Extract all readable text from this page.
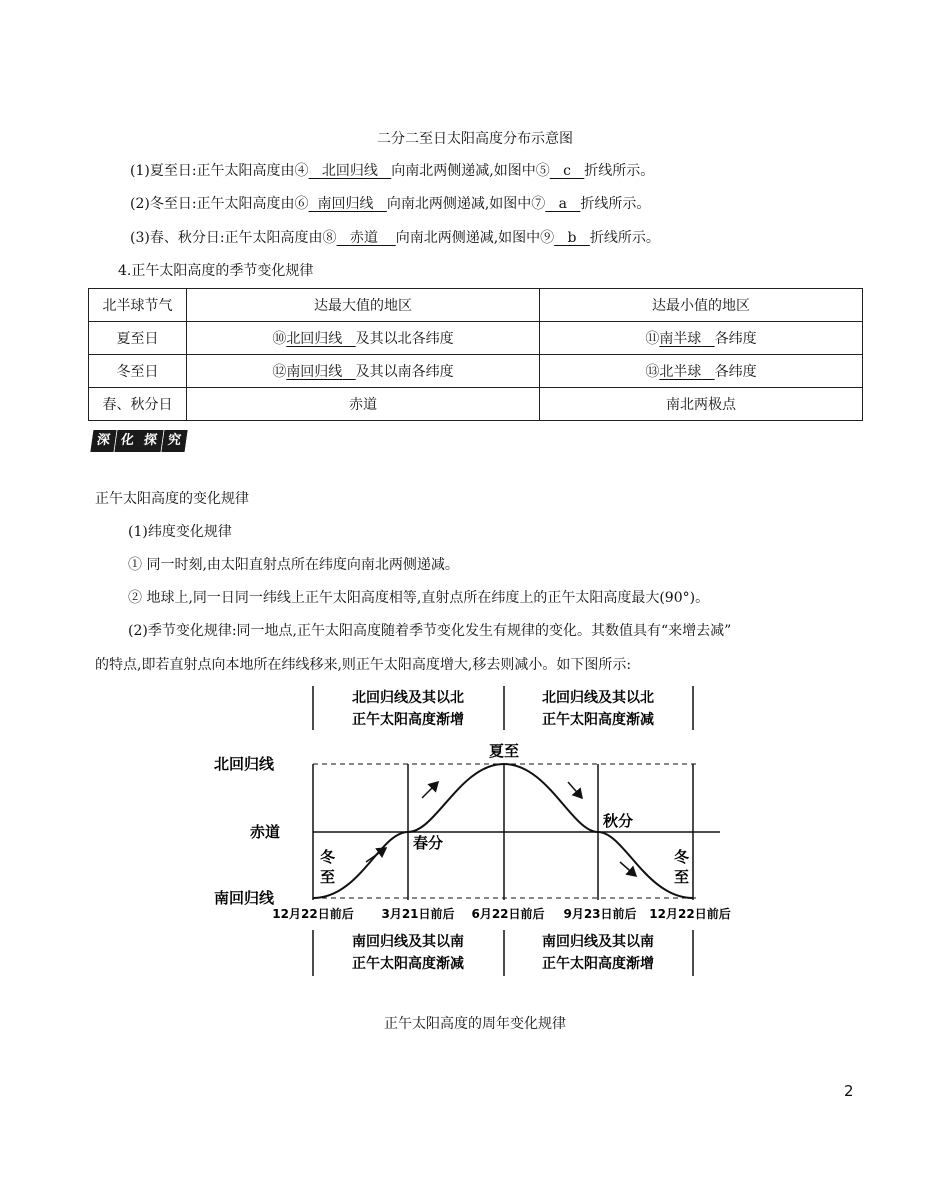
二分二至日太阳高度分布示意图
(1)夏至日:正午太阳高度由④ 北回归线 向南北两侧递减,如图中⑤ c 折线所示。
(2)冬至日:正午太阳高度由⑥ 南回归线 向南北两侧递减,如图中⑦ a 折线所示。
(3)春、秋分日:正午太阳高度由⑧ 赤道 向南北两侧递减,如图中⑨ b 折线所示。
4.正午太阳高度的季节变化规律
北半球节气	达最大值的地区	达最小值的地区
夏至日	⑩北回归线 及其以北各纬度	⑪南半球 各纬度
冬至日	⑫南回归线 及其以南各纬度	⑬北半球 各纬度
春、秋分日	赤道	南北两极点
深 化 探 究
正午太阳高度的变化规律
(1)纬度变化规律
① 同一时刻,由太阳直射点所在纬度向南北两侧递减。
② 地球上,同一日同一纬线上正午太阳高度相等,直射点所在纬度上的正午太阳高度最大(90°)。
(2)季节变化规律:同一地点,正午太阳高度随着季节变化发生有规律的变化。其数值具有“来增去减”
的特点,即若直射点向本地所在纬线移来,则正午太阳高度增大,移去则减小。如下图所示:
北回归线及其以北
正午太阳高度渐增
北回归线及其以北
正午太阳高度渐减
北回归线
赤道
南回归线
夏至
春分
秋分
冬
至
冬
至
12月22日前后 3月21日前后 6月22日前后 9月23日前后 12月22日前后
南回归线及其以南
正午太阳高度渐减
南回归线及其以南
正午太阳高度渐增
正午太阳高度的周年变化规律
2
